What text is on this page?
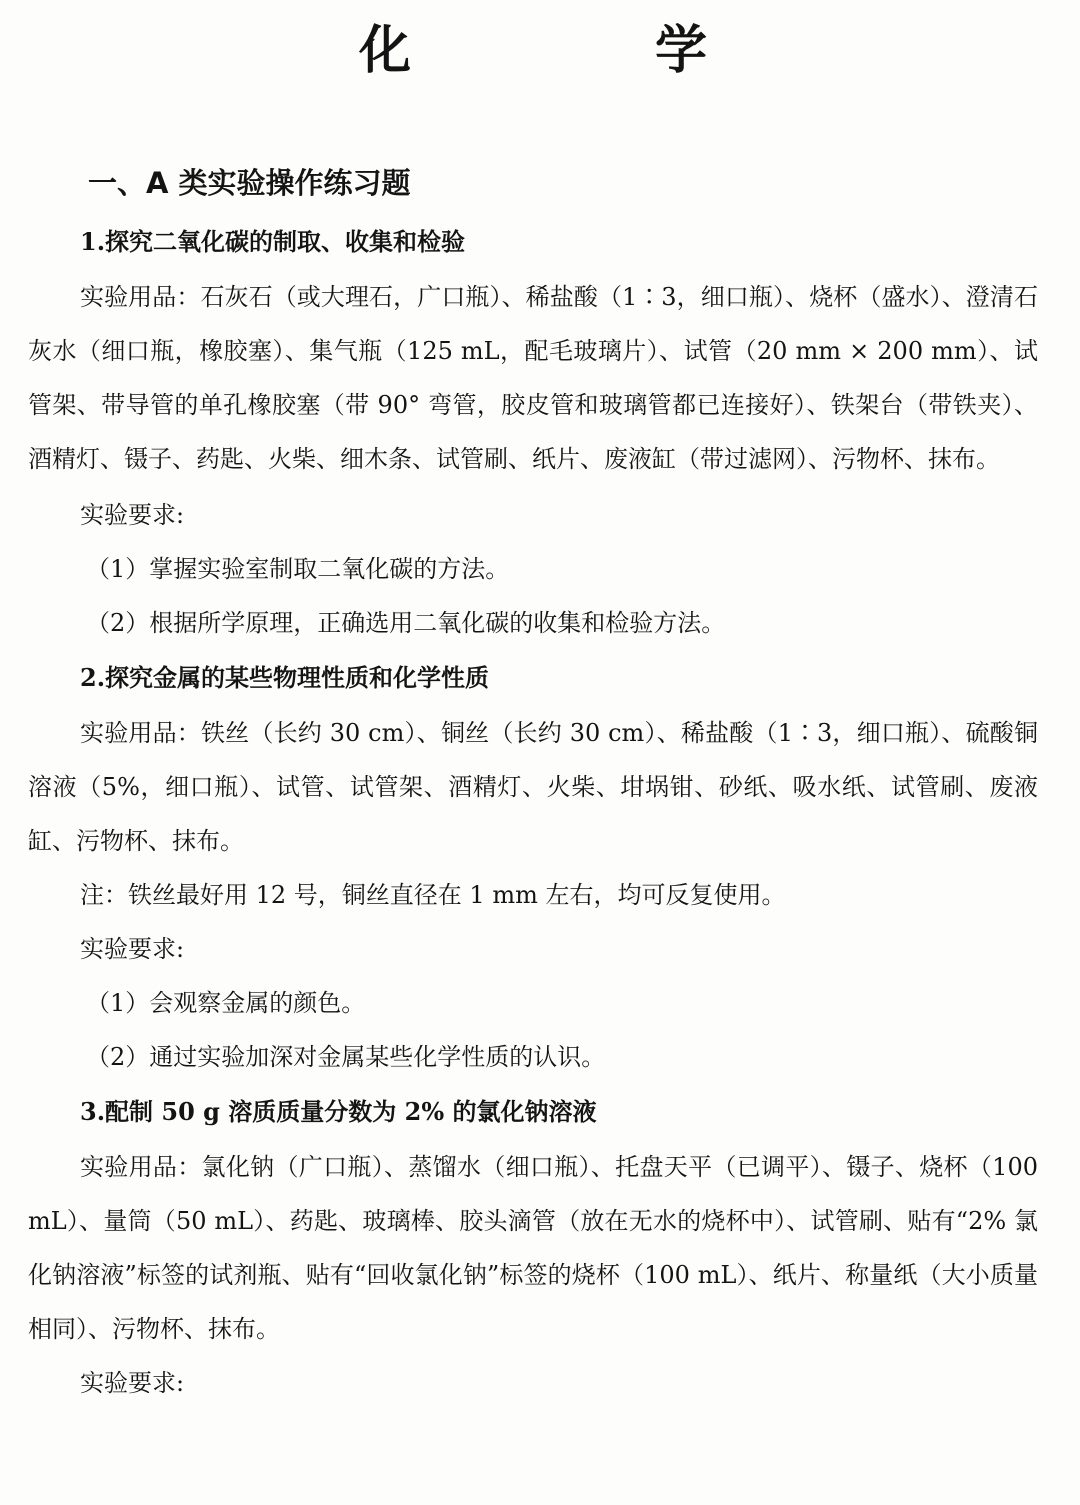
化　学
一、A 类实验操作练习题
1.探究二氧化碳的制取、收集和检验

实验用品：石灰石（或大理石，广口瓶）、稀盐酸（1∶3，细口瓶）、烧杯（盛水）、澄清石灰水（细口瓶，橡胶塞）、集气瓶（125 mL，配毛玻璃片）、试管（20 mm × 200 mm）、试管架、带导管的单孔橡胶塞（带 90° 弯管，胶皮管和玻璃管都已连接好）、铁架台（带铁夹）、酒精灯、镊子、药匙、火柴、细木条、试管刷、纸片、废液缸（带过滤网）、污物杯、抹布。

实验要求:
（1）掌握实验室制取二氧化碳的方法。
（2）根据所学原理，正确选用二氧化碳的收集和检验方法。
2.探究金属的某些物理性质和化学性质

实验用品：铁丝（长约 30 cm）、铜丝（长约 30 cm）、稀盐酸（1∶3，细口瓶）、硫酸铜溶液（5%，细口瓶）、试管、试管架、酒精灯、火柴、坩埚钳、砂纸、吸水纸、试管刷、废液缸、污物杯、抹布。

注：铁丝最好用 12 号，铜丝直径在 1 mm 左右，均可反复使用。
实验要求:
（1）会观察金属的颜色。
（2）通过实验加深对金属某些化学性质的认识。
3.配制 50 g 溶质质量分数为 2% 的氯化钠溶液

实验用品：氯化钠（广口瓶）、蒸馏水（细口瓶）、托盘天平（已调平）、镊子、烧杯（100 mL）、量筒（50 mL）、药匙、玻璃棒、胶头滴管（放在无水的烧杯中）、试管刷、贴有“2% 氯化钠溶液”标签的试剂瓶、贴有“回收氯化钠”标签的烧杯（100 mL）、纸片、称量纸（大小质量相同）、污物杯、抹布。

实验要求:
